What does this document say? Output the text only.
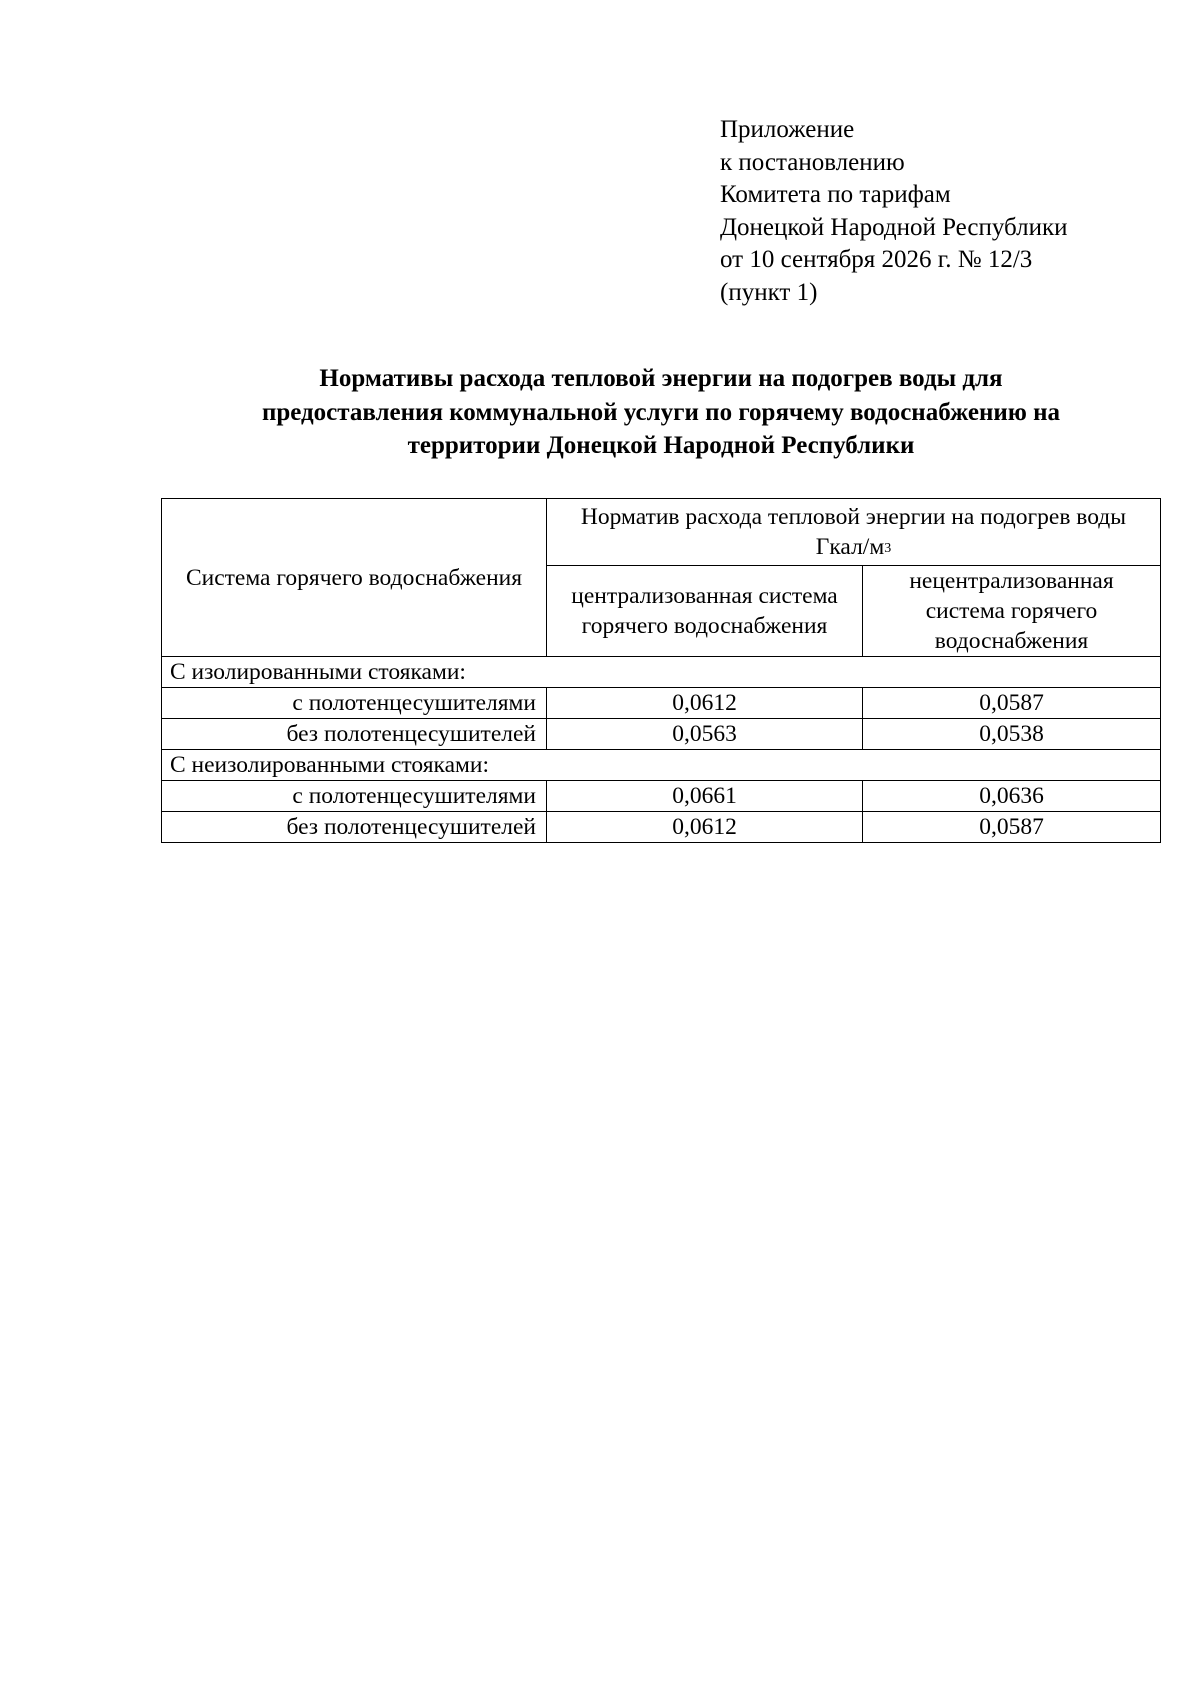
Приложение
к постановлению
Комитета по тарифам
Донецкой Народной Республики
от 10 сентября 2026 г. № 12/3
(пункт 1)
Нормативы расхода тепловой энергии на подогрев воды для
предоставления коммунальной услуги по горячему водоснабжению на
территории Донецкой Народной Республики
Система горячего водоснабжения	Норматив расхода тепловой энергии на подогрев воды Гкал/$м^3$
	централизованная система горячего водоснабжения	нецентрализованная система горячего водоснабжения
С изолированными стояками:		
с полотенцесушителями	0,0612	0,0587
без полотенцесушителей	0,0563	0,0538
С неизолированными стояками:		
с полотенцесушителями	0,0661	0,0636
без полотенцесушителей	0,0612	0,0587
